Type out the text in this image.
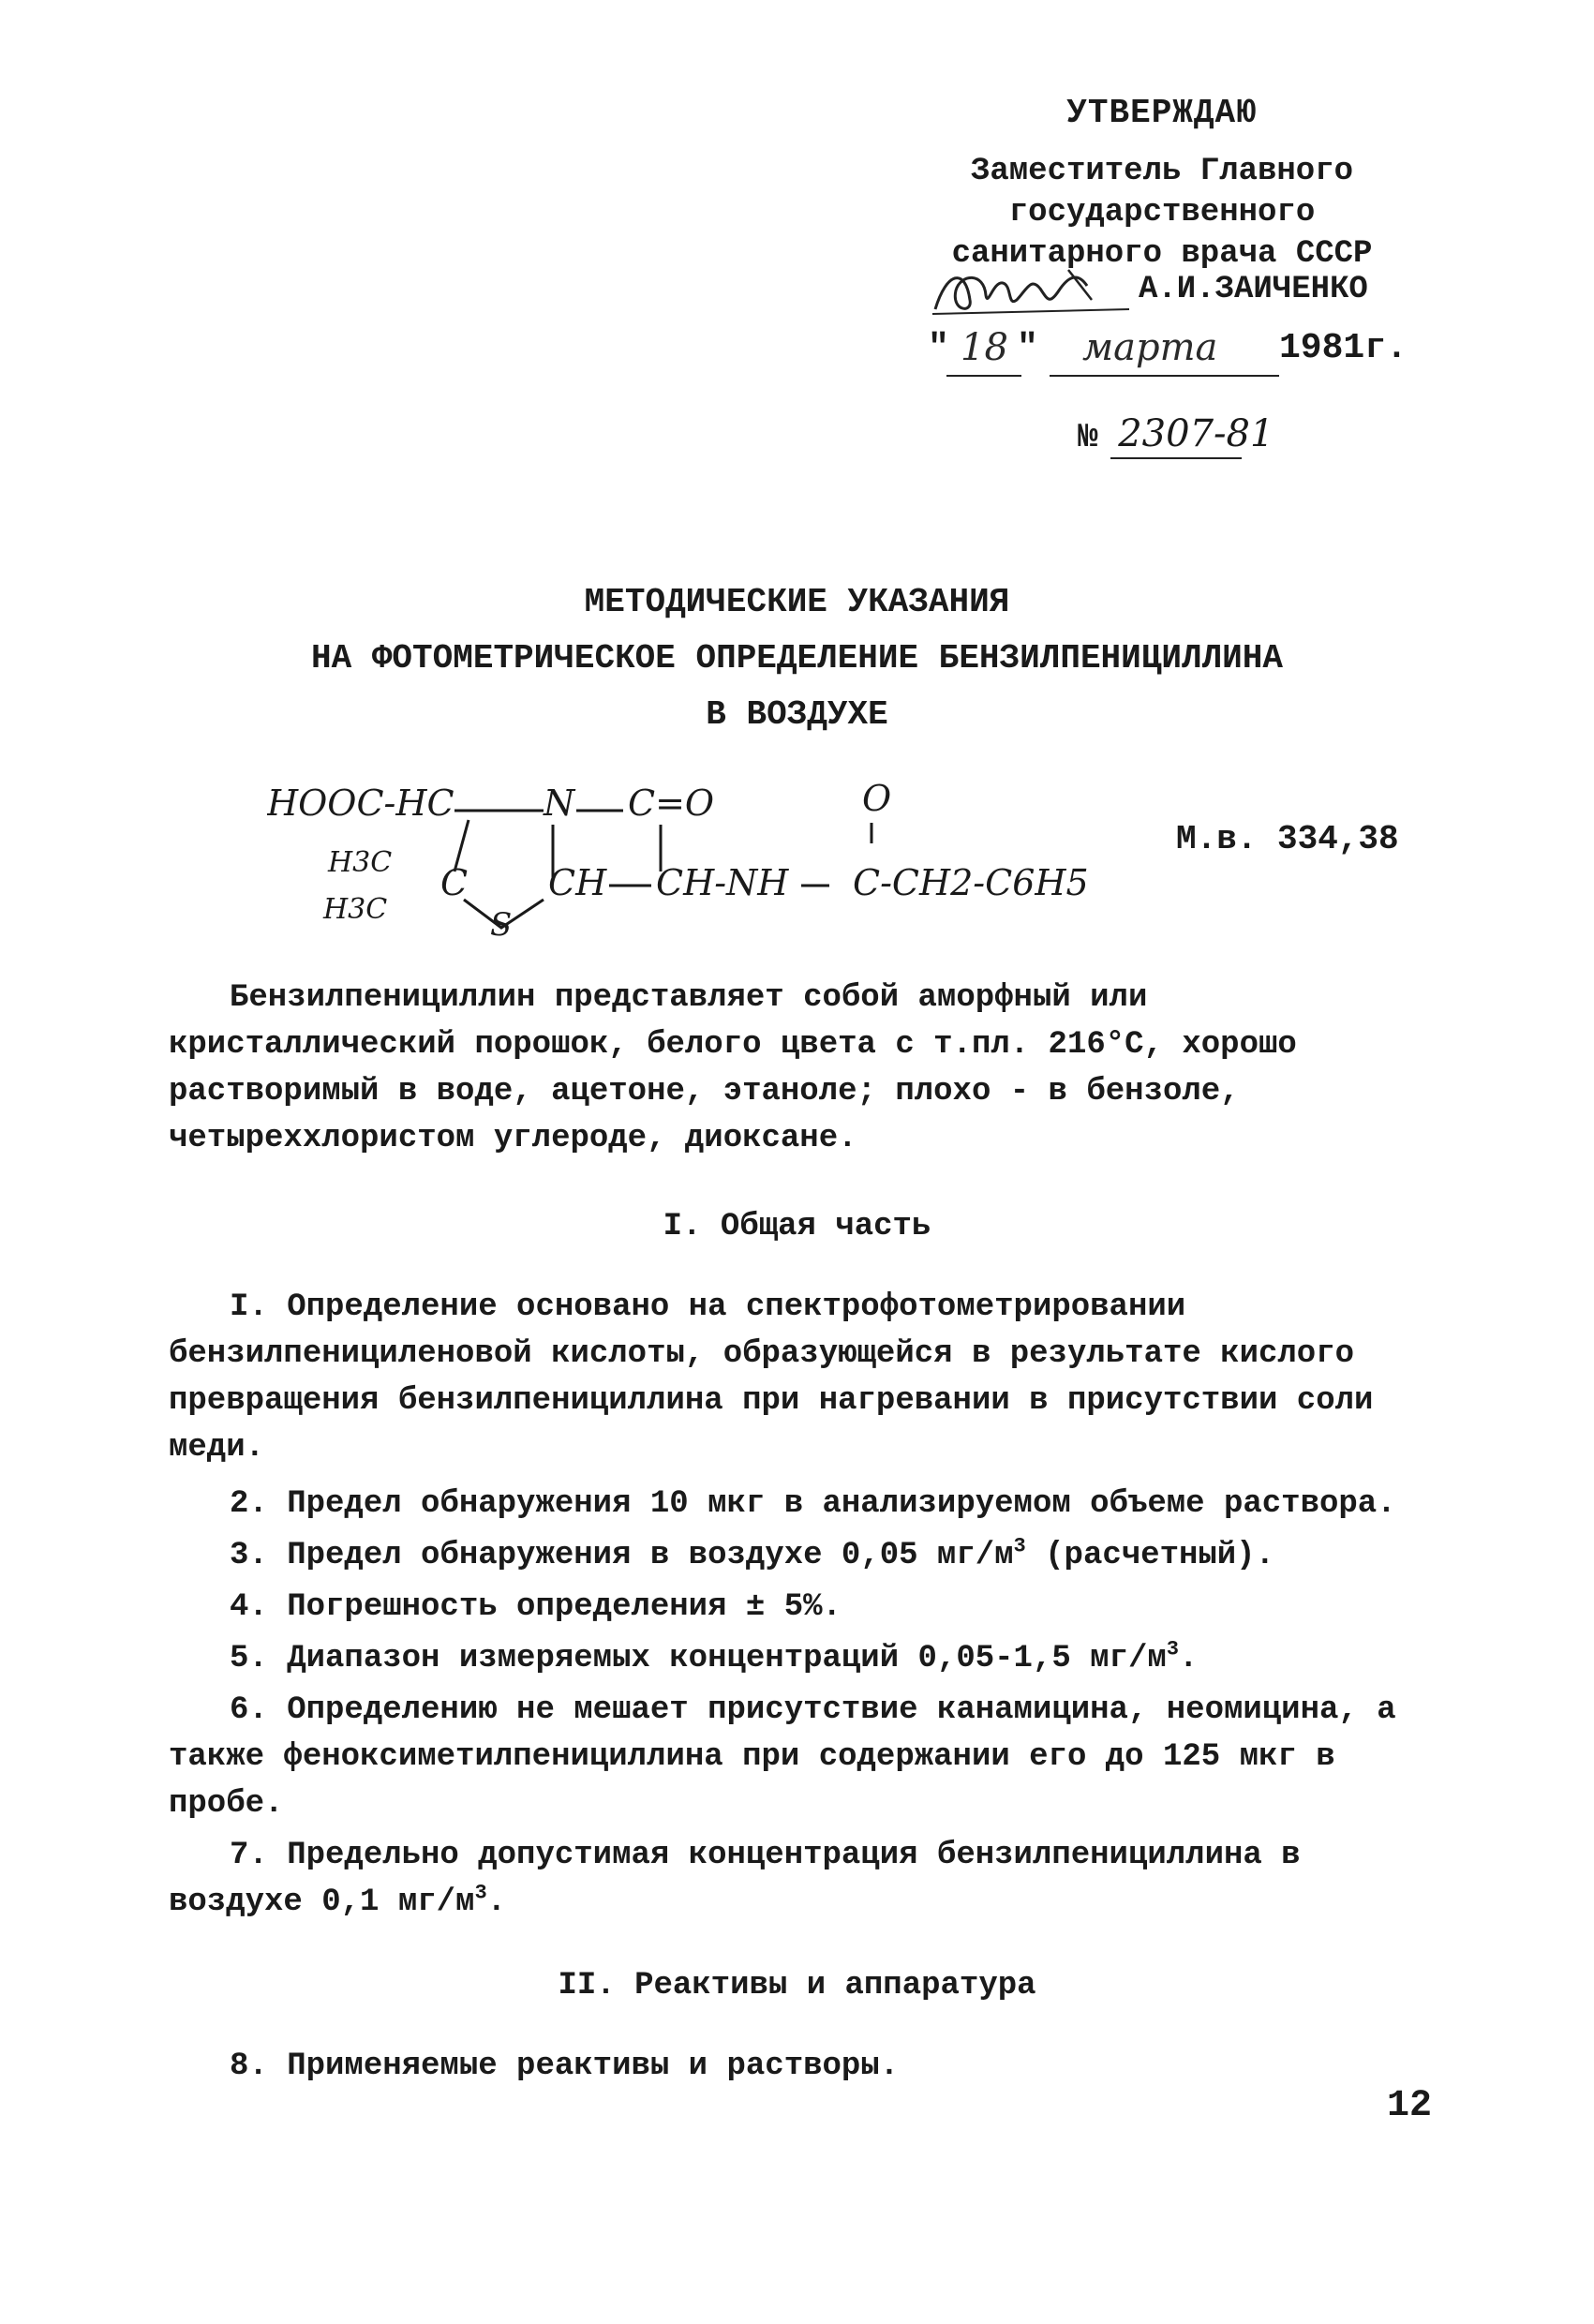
УТВЕРЖДАЮ
Заместитель Главного
государственного
санитарного врача СССР
А.И.ЗАИЧЕНКО
" 18 " марта 1981г.
№ 2307-81
МЕТОДИЧЕСКИЕ УКАЗАНИЯ
НА ФОТОМЕТРИЧЕСКОЕ ОПРЕДЕЛЕНИЕ БЕНЗИЛПЕНИЦИЛЛИНА
В ВОЗДУХЕ
HOOC-HC	N C=O	O
H3C
H3C
C CH CH-NH C-CH2-C6H5
S
М.в. 334,38
Бензилпенициллин представляет собой аморфный или кристаллический порошок, белого цвета с т.пл. 216°С, хорошо растворимый в воде, ацетоне, этаноле; плохо - в бензоле, четыреххлористом углероде, диоксане.
I. Общая часть
I. Определение основано на спектрофотометрировании бензилпенициленовой кислоты, образующейся в результате кислого превращения бензилпенициллина при нагревании в присутствии соли меди.
2. Предел обнаружения 10 мкг в анализируемом объеме раствора.
3. Предел обнаружения в воздухе 0,05 $мг/м^3$ (расчетный).
4. Погрешность определения ± 5%.
5. Диапазон измеряемых концентраций 0,05-1,5 $мг/м^3$.
6. Определению не мешает присутствие канамицина, неомицина, а также феноксиметилпенициллина при содержании его до 125 мкг в пробе.
7. Предельно допустимая концентрация бензилпенициллина в воздухе 0,1 $мг/м^3$.
II. Реактивы и аппаратура
8. Применяемые реактивы и растворы.
12
